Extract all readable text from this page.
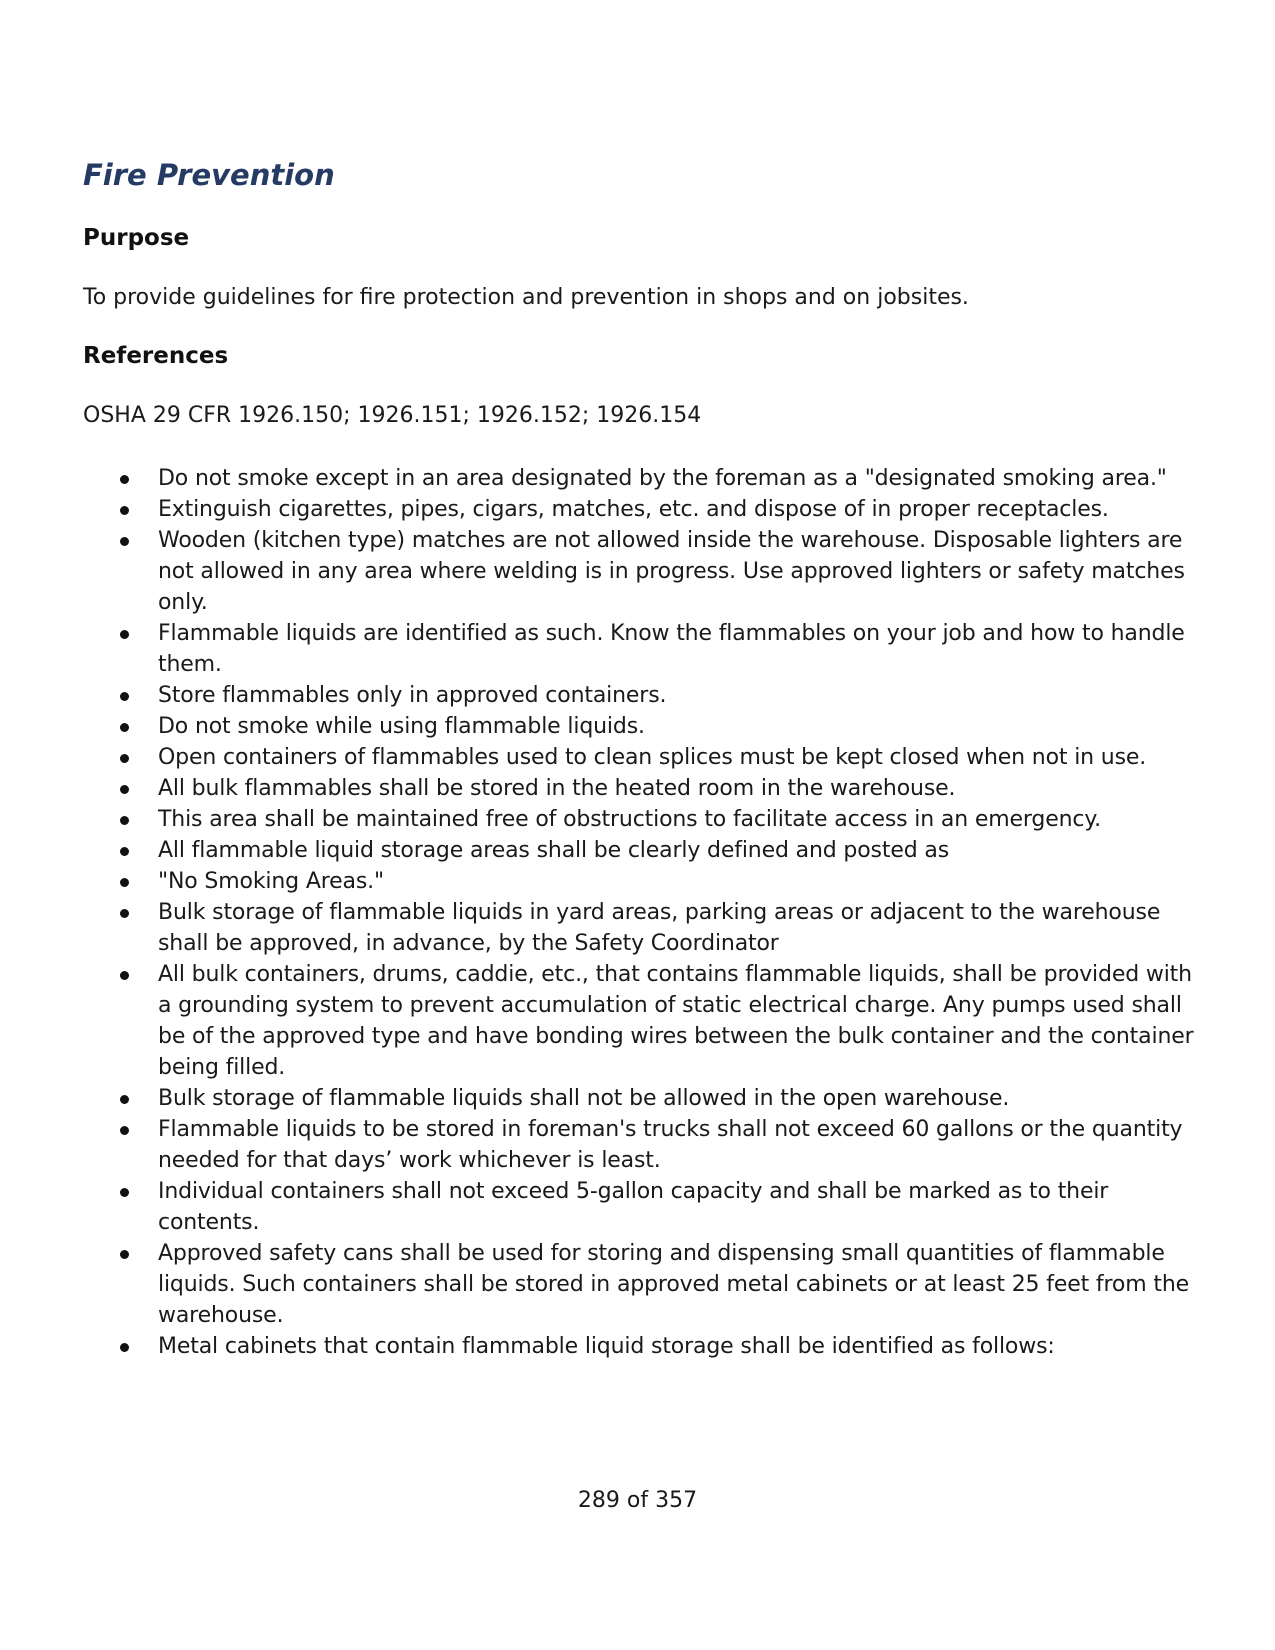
Fire Prevention
Purpose

To provide guidelines for fire protection and prevention in shops and on jobsites.

References

OSHA 29 CFR 1926.150; 1926.151; 1926.152; 1926.154

Do not smoke except in an area designated by the foreman as a "designated smoking area."
Extinguish cigarettes, pipes, cigars, matches, etc. and dispose of in proper receptacles.
Wooden (kitchen type) matches are not allowed inside the warehouse. Disposable lighters are not allowed in any area where welding is in progress. Use approved lighters or safety matches only.
Flammable liquids are identified as such. Know the flammables on your job and how to handle them.
Store flammables only in approved containers.
Do not smoke while using flammable liquids.
Open containers of flammables used to clean splices must be kept closed when not in use.
All bulk flammables shall be stored in the heated room in the warehouse.
This area shall be maintained free of obstructions to facilitate access in an emergency.
All flammable liquid storage areas shall be clearly defined and posted as
"No Smoking Areas."
Bulk storage of flammable liquids in yard areas, parking areas or adjacent to the warehouse shall be approved, in advance, by the Safety Coordinator
All bulk containers, drums, caddie, etc., that contains flammable liquids, shall be provided with a grounding system to prevent accumulation of static electrical charge. Any pumps used shall be of the approved type and have bonding wires between the bulk container and the container being filled.
Bulk storage of flammable liquids shall not be allowed in the open warehouse.
Flammable liquids to be stored in foreman's trucks shall not exceed 60 gallons or the quantity needed for that days’ work whichever is least.
Individual containers shall not exceed 5-gallon capacity and shall be marked as to their contents.
Approved safety cans shall be used for storing and dispensing small quantities of flammable liquids. Such containers shall be stored in approved metal cabinets or at least 25 feet from the warehouse.
Metal cabinets that contain flammable liquid storage shall be identified as follows:

289 of 357
